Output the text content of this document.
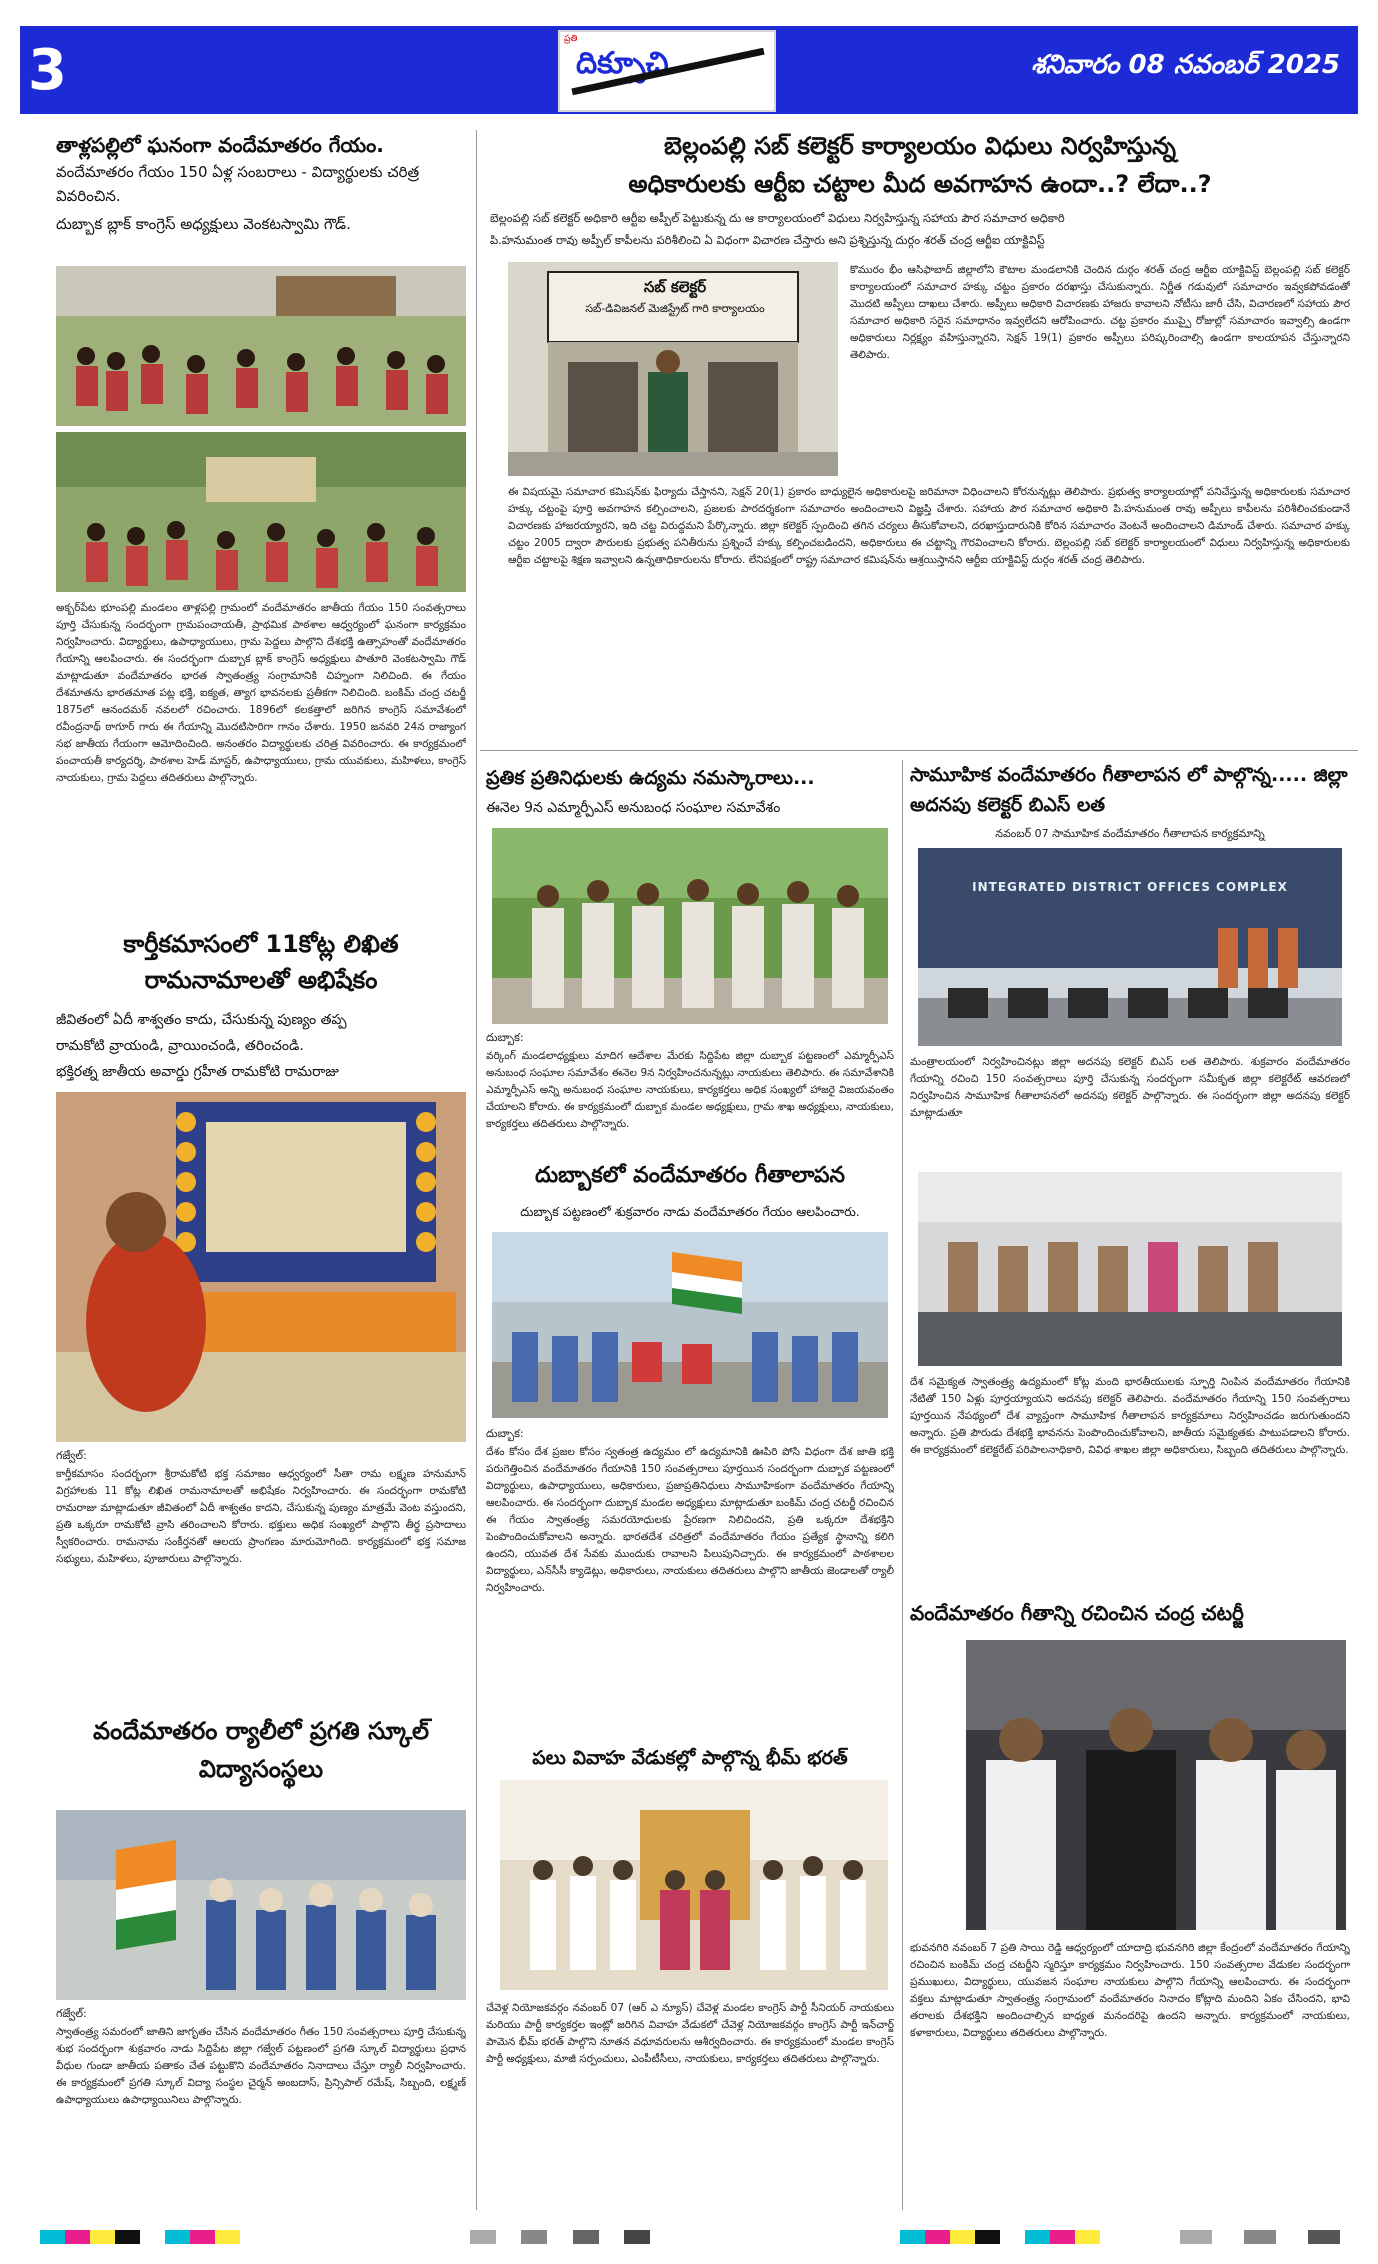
3	ప్రతి
దిక్సూచి	శనివారం 08 నవంబర్ 2025
తాళ్లపల్లిలో ఘనంగా వందేమాతరం గేయం.
వందేమాతరం గేయం 150 ఏళ్ల సంబరాలు - విద్యార్థులకు చరిత్ర వివరించిన.
దుబ్బాక బ్లాక్ కాంగ్రెస్ అధ్యక్షులు వెంకటస్వామి గౌడ్.
అక్బర్‌పేట భూంపల్లి మండలం తాళ్లపల్లి గ్రామంలో వందేమాతరం జాతీయ గేయం 150 సంవత్సరాలు పూర్తి చేసుకున్న సందర్భంగా గ్రామపంచాయతీ, ప్రాథమిక పాఠశాల ఆధ్వర్యంలో ఘనంగా కార్యక్రమం నిర్వహించారు. విద్యార్థులు, ఉపాధ్యాయులు, గ్రామ పెద్దలు పాల్గొని దేశభక్తి ఉత్సాహంతో వందేమాతరం గేయాన్ని ఆలపించారు. ఈ సందర్భంగా దుబ్బాక బ్లాక్ కాంగ్రెస్ అధ్యక్షులు పాతూరి వెంకటస్వామి గౌడ్ మాట్లాడుతూ వందేమాతరం భారత స్వాతంత్ర్య సంగ్రామానికి చిహ్నంగా నిలిచింది. ఈ గేయం దేశమాతను భారతమాత పట్ల భక్తి, ఐక్యత, త్యాగ భావనలకు ప్రతీకగా నిలిచింది. బంకిమ్ చంద్ర చటర్జీ 1875లో ఆనందమఠ్ నవలలో రచించారు. 1896లో కలకత్తాలో జరిగిన కాంగ్రెస్ సమావేశంలో రవీంద్రనాథ్ ఠాగూర్ గారు ఈ గేయాన్ని మొదటిసారిగా గానం చేశారు. 1950 జనవరి 24న రాజ్యాంగ సభ జాతీయ గేయంగా ఆమోదించింది. అనంతరం విద్యార్థులకు చరిత్ర వివరించారు. ఈ కార్యక్రమంలో పంచాయతీ కార్యదర్శి, పాఠశాల హెడ్ మాస్టర్, ఉపాధ్యాయులు, గ్రామ యువకులు, మహిళలు, కాంగ్రెస్ నాయకులు, గ్రామ పెద్దలు తదితరులు పాల్గొన్నారు.
కార్తీకమాసంలో 11కోట్ల లిఖిత రామనామాలతో అభిషేకం
జీవితంలో ఏదీ శాశ్వతం కాదు, చేసుకున్న పుణ్యం తప్ప
రామకోటి వ్రాయండి, వ్రాయించండి, తరించండి.
భక్తిరత్న జాతీయ అవార్డు గ్రహీత రామకోటి రామరాజు
గజ్వేల్:
కార్తీకమాసం సందర్భంగా శ్రీరామకోటి భక్త సమాజం ఆధ్వర్యంలో సీతా రామ లక్ష్మణ హనుమాన్ విగ్రహాలకు 11 కోట్ల లిఖిత రామనామాలతో అభిషేకం నిర్వహించారు. ఈ సందర్భంగా రామకోటి రామరాజు మాట్లాడుతూ జీవితంలో ఏదీ శాశ్వతం కాదని, చేసుకున్న పుణ్యం మాత్రమే వెంట వస్తుందని, ప్రతి ఒక్కరూ రామకోటి వ్రాసి తరించాలని కోరారు. భక్తులు అధిక సంఖ్యలో పాల్గొని తీర్థ ప్రసాదాలు స్వీకరించారు. రామనామ సంకీర్తనతో ఆలయ ప్రాంగణం మారుమోగింది. కార్యక్రమంలో భక్త సమాజ సభ్యులు, మహిళలు, పూజారులు పాల్గొన్నారు.
వందేమాతరం ర్యాలీలో ప్రగతి స్కూల్ విద్యాసంస్థలు
గజ్వేల్:
స్వాతంత్ర్య సమరంలో జాతిని జాగృతం చేసిన వందేమాతరం గీతం 150 సంవత్సరాలు పూర్తి చేసుకున్న శుభ సందర్భంగా శుక్రవారం నాడు సిద్దిపేట జిల్లా గజ్వేల్ పట్టణంలో ప్రగతి స్కూల్ విద్యార్థులు ప్రధాన వీధుల గుండా జాతీయ పతాకం చేత పట్టుకొని వందేమాతరం నినాదాలు చేస్తూ ర్యాలీ నిర్వహించారు. ఈ కార్యక్రమంలో ప్రగతి స్కూల్ విద్యా సంస్థల చైర్మన్ అంబదాస్, ప్రిన్సిపాల్ రమేష్, సిబ్బంది, లక్ష్మణ్ ఉపాధ్యాయులు ఉపాధ్యాయినిలు పాల్గొన్నారు.
బెల్లంపల్లి సబ్ కలెక్టర్ కార్యాలయం విధులు నిర్వహిస్తున్న
అధికారులకు ఆర్టీఐ చట్టాల మీద అవగాహన ఉందా..? లేదా..?
బెల్లంపల్లి సబ్ కలెక్టర్ అధికారి ఆర్టీఐ అప్పీల్ పెట్టుకున్న దు ఆ కార్యాలయంలో విధులు నిర్వహిస్తున్న సహాయ పౌర సమాచార అధికారి
పి.హనుమంత రావు అప్పీల్ కాపీలను పరిశీలించి ఏ విధంగా విచారణ చేస్తారు అని ప్రశ్నిస్తున్న దుర్గం శరత్ చంద్ర ఆర్టీఐ యాక్టివిస్ట్
సబ్ కలెక్టర్
సబ్-డివిజనల్ మెజిస్ట్రేట్ గారి కార్యాలయం
కొమురం భీం ఆసిఫాబాద్ జిల్లాలోని కౌటాల మండలానికి చెందిన దుర్గం శరత్ చంద్ర ఆర్టీఐ యాక్టివిస్ట్ బెల్లంపల్లి సబ్ కలెక్టర్ కార్యాలయంలో సమాచార హక్కు చట్టం ప్రకారం దరఖాస్తు చేసుకున్నారు. నిర్ణీత గడువులో సమాచారం ఇవ్వకపోవడంతో మొదటి అప్పీలు దాఖలు చేశారు. అప్పీలు అధికారి విచారణకు హాజరు కావాలని నోటీసు జారీ చేసి, విచారణలో సహాయ పౌర సమాచార అధికారి సరైన సమాధానం ఇవ్వలేదని ఆరోపించారు. చట్ట ప్రకారం ముప్పై రోజుల్లో సమాచారం ఇవ్వాల్సి ఉండగా అధికారులు నిర్లక్ష్యం వహిస్తున్నారని, సెక్షన్ 19(1) ప్రకారం అప్పీలు పరిష్కరించాల్సి ఉండగా కాలయాపన చేస్తున్నారని తెలిపారు.
ఈ విషయమై సమాచార కమిషన్‌కు ఫిర్యాదు చేస్తానని, సెక్షన్ 20(1) ప్రకారం బాధ్యులైన అధికారులపై జరిమానా విధించాలని కోరనున్నట్లు తెలిపారు. ప్రభుత్వ కార్యాలయాల్లో పనిచేస్తున్న అధికారులకు సమాచార హక్కు చట్టంపై పూర్తి అవగాహన కల్పించాలని, ప్రజలకు పారదర్శకంగా సమాచారం అందించాలని విజ్ఞప్తి చేశారు. సహాయ పౌర సమాచార అధికారి పి.హనుమంత రావు అప్పీలు కాపీలను పరిశీలించకుండానే విచారణకు హాజరయ్యారని, ఇది చట్ట విరుద్ధమని పేర్కొన్నారు. జిల్లా కలెక్టర్ స్పందించి తగిన చర్యలు తీసుకోవాలని, దరఖాస్తుదారునికి కోరిన సమాచారం వెంటనే అందించాలని డిమాండ్ చేశారు. సమాచార హక్కు చట్టం 2005 ద్వారా పౌరులకు ప్రభుత్వ పనితీరును ప్రశ్నించే హక్కు కల్పించబడిందని, అధికారులు ఈ చట్టాన్ని గౌరవించాలని కోరారు. బెల్లంపల్లి సబ్ కలెక్టర్ కార్యాలయంలో విధులు నిర్వహిస్తున్న అధికారులకు ఆర్టీఐ చట్టాలపై శిక్షణ ఇవ్వాలని ఉన్నతాధికారులను కోరారు. లేనిపక్షంలో రాష్ట్ర సమాచార కమిషన్‌ను ఆశ్రయిస్తానని ఆర్టీఐ యాక్టివిస్ట్ దుర్గం శరత్ చంద్ర తెలిపారు.
ప్రతిక ప్రతినిధులకు ఉద్యమ నమస్కారాలు...
ఈనెల 9న ఎమ్మార్పీఎస్ అనుబంధ సంఘాల సమావేశం
దుబ్బాక:
వర్కింగ్ మండలాధ్యక్షులు మాదిగ ఆదేశాల మేరకు సిద్దిపేట జిల్లా దుబ్బాక పట్టణంలో ఎమ్మార్పీఎస్ అనుబంధ సంఘాల సమావేశం ఈనెల 9న నిర్వహించనున్నట్లు నాయకులు తెలిపారు. ఈ సమావేశానికి ఎమ్మార్పీఎస్ అన్ని అనుబంధ సంఘాల నాయకులు, కార్యకర్తలు అధిక సంఖ్యలో హాజరై విజయవంతం చేయాలని కోరారు. ఈ కార్యక్రమంలో దుబ్బాక మండల అధ్యక్షులు, గ్రామ శాఖ అధ్యక్షులు, నాయకులు, కార్యకర్తలు తదితరులు పాల్గొన్నారు.
దుబ్బాకలో వందేమాతరం గీతాలాపన
దుబ్బాక పట్టణంలో శుక్రవారం నాడు వందేమాతరం గేయం ఆలపించారు.
దుబ్బాక:
దేశం కోసం దేశ ప్రజల కోసం స్వతంత్ర ఉద్యమం లో ఉద్యమానికి ఊపిరి పోసి విధంగా దేశ జాతి భక్తి పరుగెత్తించిన వందేమాతరం గేయానికి 150 సంవత్సరాలు పూర్తయిన సందర్భంగా దుబ్బాక పట్టణంలో విద్యార్థులు, ఉపాధ్యాయులు, అధికారులు, ప్రజాప్రతినిధులు సామూహికంగా వందేమాతరం గేయాన్ని ఆలపించారు. ఈ సందర్భంగా దుబ్బాక మండల అధ్యక్షులు మాట్లాడుతూ బంకిమ్ చంద్ర చటర్జీ రచించిన ఈ గేయం స్వాతంత్ర్య సమరయోధులకు ప్రేరణగా నిలిచిందని, ప్రతి ఒక్కరూ దేశభక్తిని పెంపొందించుకోవాలని అన్నారు. భారతదేశ చరిత్రలో వందేమాతరం గేయం ప్రత్యేక స్థానాన్ని కలిగి ఉందని, యువత దేశ సేవకు ముందుకు రావాలని పిలుపునిచ్చారు. ఈ కార్యక్రమంలో పాఠశాలల విద్యార్థులు, ఎన్‌సీసీ క్యాడెట్లు, అధికారులు, నాయకులు తదితరులు పాల్గొని జాతీయ జెండాలతో ర్యాలీ నిర్వహించారు.
పలు వివాహ వేడుకల్లో పాల్గొన్న భీమ్ భరత్
చేవెళ్ల నియోజకవర్గం నవంబర్ 07 (ఆర్ ఎ న్యూస్) చేవెళ్ల మండల కాంగ్రెస్ పార్టీ సీనియర్ నాయకులు మరియు పార్టీ కార్యకర్తల ఇంట్లో జరిగిన వివాహ వేడుకలో చేవెళ్ల నియోజకవర్గం కాంగ్రెస్ పార్టీ ఇన్‌చార్జ్ పామెన భీమ్ భరత్ పాల్గొని నూతన వధూవరులను ఆశీర్వదించారు. ఈ కార్యక్రమంలో మండల కాంగ్రెస్ పార్టీ అధ్యక్షులు, మాజీ సర్పంచులు, ఎంపీటీసీలు, నాయకులు, కార్యకర్తలు తదితరులు పాల్గొన్నారు.
సామూహిక వందేమాతరం గీతాలాపన లో పాల్గొన్న..... జిల్లా అదనపు కలెక్టర్ బిఎస్ లత
నవంబర్ 07 సామూహిక వందేమాతరం గీతాలాపన కార్యక్రమాన్ని
INTEGRATED DISTRICT OFFICES COMPLEX
మంత్రాలయంలో నిర్వహించినట్లు జిల్లా అదనపు కలెక్టర్ బిఎస్ లత తెలిపారు. శుక్రవారం వందేమాతరం గేయాన్ని రచించి 150 సంవత్సరాలు పూర్తి చేసుకున్న సందర్భంగా సమీకృత జిల్లా కలెక్టరేట్ ఆవరణలో నిర్వహించిన సామూహిక గీతాలాపనలో అదనపు కలెక్టర్ పాల్గొన్నారు. ఈ సందర్భంగా జిల్లా అదనపు కలెక్టర్ మాట్లాడుతూ
దేశ సమైక్యత స్వాతంత్ర్య ఉద్యమంలో కోట్ల మంది భారతీయులకు స్ఫూర్తి నింపిన వందేమాతరం గేయానికి నేటితో 150 ఏళ్లు పూర్తయ్యాయని అదనపు కలెక్టర్ తెలిపారు. వందేమాతరం గేయాన్ని 150 సంవత్సరాలు పూర్తయిన నేపథ్యంలో దేశ వ్యాప్తంగా సామూహిక గీతాలాపన కార్యక్రమాలు నిర్వహించడం జరుగుతుందని అన్నారు. ప్రతి పౌరుడు దేశభక్తి భావనను పెంపొందించుకోవాలని, జాతీయ సమైక్యతకు పాటుపడాలని కోరారు. ఈ కార్యక్రమంలో కలెక్టరేట్ పరిపాలనాధికారి, వివిధ శాఖల జిల్లా అధికారులు, సిబ్బంది తదితరులు పాల్గొన్నారు.
వందేమాతరం గీతాన్ని రచించిన చంద్ర చటర్జీ
భువనగిరి నవంబర్ 7 ప్రతి సాయి రెడ్డి ఆధ్వర్యంలో యాదాద్రి భువనగిరి జిల్లా కేంద్రంలో వందేమాతరం గేయాన్ని రచించిన బంకిమ్ చంద్ర చటర్జీని స్మరిస్తూ కార్యక్రమం నిర్వహించారు. 150 సంవత్సరాల వేడుకల సందర్భంగా ప్రముఖులు, విద్యార్థులు, యువజన సంఘాల నాయకులు పాల్గొని గేయాన్ని ఆలపించారు. ఈ సందర్భంగా వక్తలు మాట్లాడుతూ స్వాతంత్ర్య సంగ్రామంలో వందేమాతరం నినాదం కోట్లాది మందిని ఏకం చేసిందని, భావి తరాలకు దేశభక్తిని అందించాల్సిన బాధ్యత మనందరిపై ఉందని అన్నారు. కార్యక్రమంలో నాయకులు, కళాకారులు, విద్యార్థులు తదితరులు పాల్గొన్నారు.
